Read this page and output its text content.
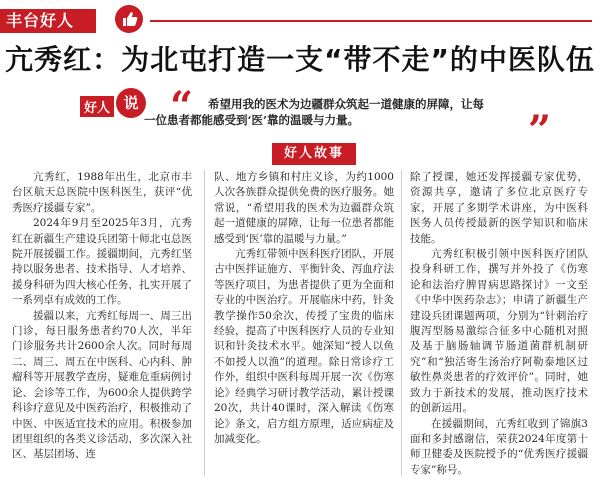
丰台好人
亢秀红：为北屯打造一支“带不走”的中医队伍
好人 说 “ 希望用我的医术为边疆群众筑起一道健康的屏障，让每

一位患者都能感受到‘医’靠的温暖与力量。	”
好人故事

亢秀红，1988年出生，北京市丰台区航天总医院中医科医生，获评“优秀医疗援疆专家”。

2024年9月至2025年3月，亢秀红在新疆生产建设兵团第十师北屯总医院开展援疆工作。援疆期间，亢秀红坚持以服务患者、技术指导、人才培养、援身科研为四大核心任务，扎实开展了一系列卓有成效的工作。

援疆以来，亢秀红每周一、周三出门诊，每日服务患者约70人次，半年门诊服务共计2600余人次。同时每周二、周三、周五在中医科、心内科、肿瘤科等开展教学查房，疑难危重病例讨论、会诊等工作，为600余人提供跨学科诊疗意见及中医药治疗，积极推动了中医、中医适宜技术的应用。积极参加团里组织的各类义诊活动，多次深入社区、基层团场、连

队、地方乡镇和村庄义诊，为约1000人次各族群众提供免费的医疗服务。她常说，“希望用我的医术为边疆群众筑起一道健康的屏障，让每一位患者都能感受到‘医’靠的温暖与力量。”

亢秀红带领中医科医疗团队，开展古中医拌证施方、平衡针灸、泻血疗法等医疗项目，为患者提供了更为全面和专业的中医治疗。开展临床中药，针灸教学操作50余次，传授了宝贵的临床经验，提高了中医科医疗人员的专业知识和针灸技术水平。她深知“授人以鱼不如授人以渔”的道理。除日常诊疗工作外，组织中医科每周开展一次《伤寒论》经典学习研讨教学活动，累计授课20次，共计40课时，深入解读《伤寒论》条文，启方组方原理，适应病症及加减变化。

除了授课，她还发挥援疆专家优势，资源共享，邀请了多位北京医疗专家，开展了多期学术讲座，为中医科医务人员传授最新的医学知识和临床技能。

亢秀红积极引领中医科医疗团队投身科研工作，撰写并外投了《伤寒论和法治疗脾胃病思路探讨》一文至《中华中医药杂志》；申请了新疆生产建设兵团课题两项，分别为“针刺治疗腹泻型肠易激综合征多中心随机对照及基于脑肠轴调节肠道菌群机制研究”和“独活寄生汤治疗阿勒泰地区过敏性鼻炎患者的疗效评价”。同时，她致力于新技术的发展，推动医疗技术的创新运用。

在援疆期间，亢秀红收到了锦旗3面和多封感谢信，荣获2024年度第十师卫健委及医院授予的“优秀医疗援疆专家”称号。
